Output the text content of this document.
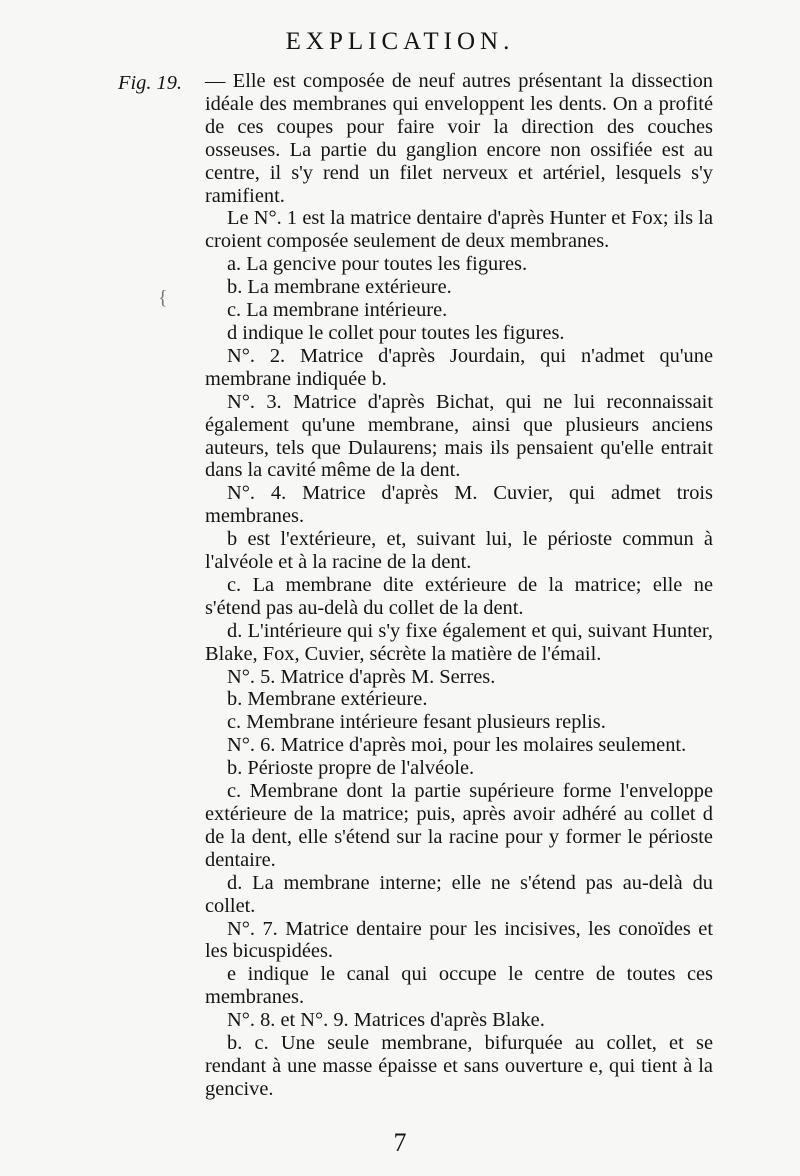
EXPLICATION.
Fig. 19.
{

— Elle est composée de neuf autres présentant la dissection idéale des membranes qui enveloppent les dents. On a profité de ces coupes pour faire voir la direction des couches osseuses. La partie du ganglion encore non ossifiée est au centre, il s'y rend un filet nerveux et artériel, lesquels s'y ramifient.

Le N°. 1 est la matrice dentaire d'après Hunter et Fox; ils la croient composée seulement de deux membranes.

a. La gencive pour toutes les figures.

b. La membrane extérieure.

c. La membrane intérieure.

d indique le collet pour toutes les figures.

N°. 2. Matrice d'après Jourdain, qui n'admet qu'une membrane indiquée b.

N°. 3. Matrice d'après Bichat, qui ne lui reconnaissait également qu'une membrane, ainsi que plusieurs anciens auteurs, tels que Dulaurens; mais ils pensaient qu'elle entrait dans la cavité même de la dent.

N°. 4. Matrice d'après M. Cuvier, qui admet trois membranes.

b est l'extérieure, et, suivant lui, le périoste commun à l'alvéole et à la racine de la dent.

c. La membrane dite extérieure de la matrice; elle ne s'étend pas au-delà du collet de la dent.

d. L'intérieure qui s'y fixe également et qui, suivant Hunter, Blake, Fox, Cuvier, sécrète la matière de l'émail.

N°. 5. Matrice d'après M. Serres.

b. Membrane extérieure.

c. Membrane intérieure fesant plusieurs replis.

N°. 6. Matrice d'après moi, pour les molaires seulement.

b. Périoste propre de l'alvéole.

c. Membrane dont la partie supérieure forme l'enveloppe extérieure de la matrice; puis, après avoir adhéré au collet d de la dent, elle s'étend sur la racine pour y former le périoste dentaire.

d. La membrane interne; elle ne s'étend pas au-delà du collet.

N°. 7. Matrice dentaire pour les incisives, les conoïdes et les bicuspidées.

e indique le canal qui occupe le centre de toutes ces membranes.

N°. 8. et N°. 9. Matrices d'après Blake.

b. c. Une seule membrane, bifurquée au collet, et se rendant à une masse épaisse et sans ouverture e, qui tient à la gencive.

7
